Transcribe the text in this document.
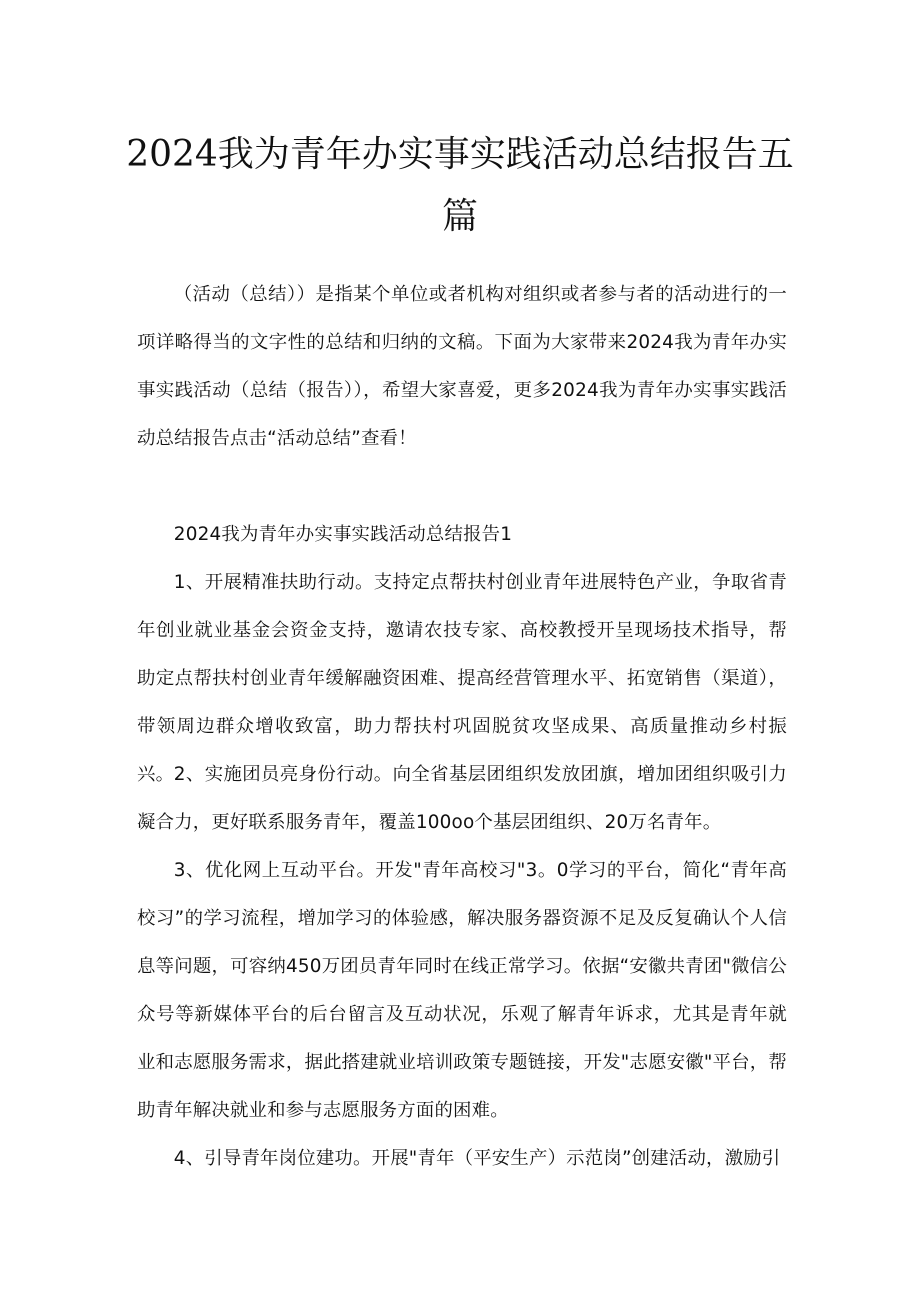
2024我为青年办实事实践活动总结报告五篇

（活动（总结））是指某个单位或者机构对组织或者参与者的活动进行的一项详略得当的文字性的总结和归纳的文稿。下面为大家带来2024我为青年办实事实践活动（总结（报告）），希望大家喜爱，更多2024我为青年办实事实践活动总结报告点击“活动总结”查看！

2024我为青年办实事实践活动总结报告1

1、开展精准扶助行动。支持定点帮扶村创业青年进展特色产业，争取省青年创业就业基金会资金支持，邀请农技专家、高校教授开呈现场技术指导，帮助定点帮扶村创业青年缓解融资困难、提高经营管理水平、拓宽销售（渠道），带领周边群众增收致富，助力帮扶村巩固脱贫攻坚成果、高质量推动乡村振兴。 2、实施团员亮身份行动。向全省基层团组织发放团旗，增加团组织吸引力凝合力，更好联系服务青年，覆盖100oo个基层团组织、20万名青年。

3、优化网上互动平台。开发"青年高校习"3。0学习的平台，简化“青年高校习”的学习流程，增加学习的体验感，解决服务器资源不足及反复确认个人信息等问题，可容纳450万团员青年同时在线正常学习。依据“安徽共青团"微信公众号等新媒体平台的后台留言及互动状况，乐观了解青年诉求，尤其是青年就业和志愿服务需求，据此搭建就业培训政策专题链接，开发"志愿安徽"平台，帮助青年解决就业和参与志愿服务方面的困难。

4、引导青年岗位建功。开展"青年（平安生产）示范岗”创建活动，激励引
